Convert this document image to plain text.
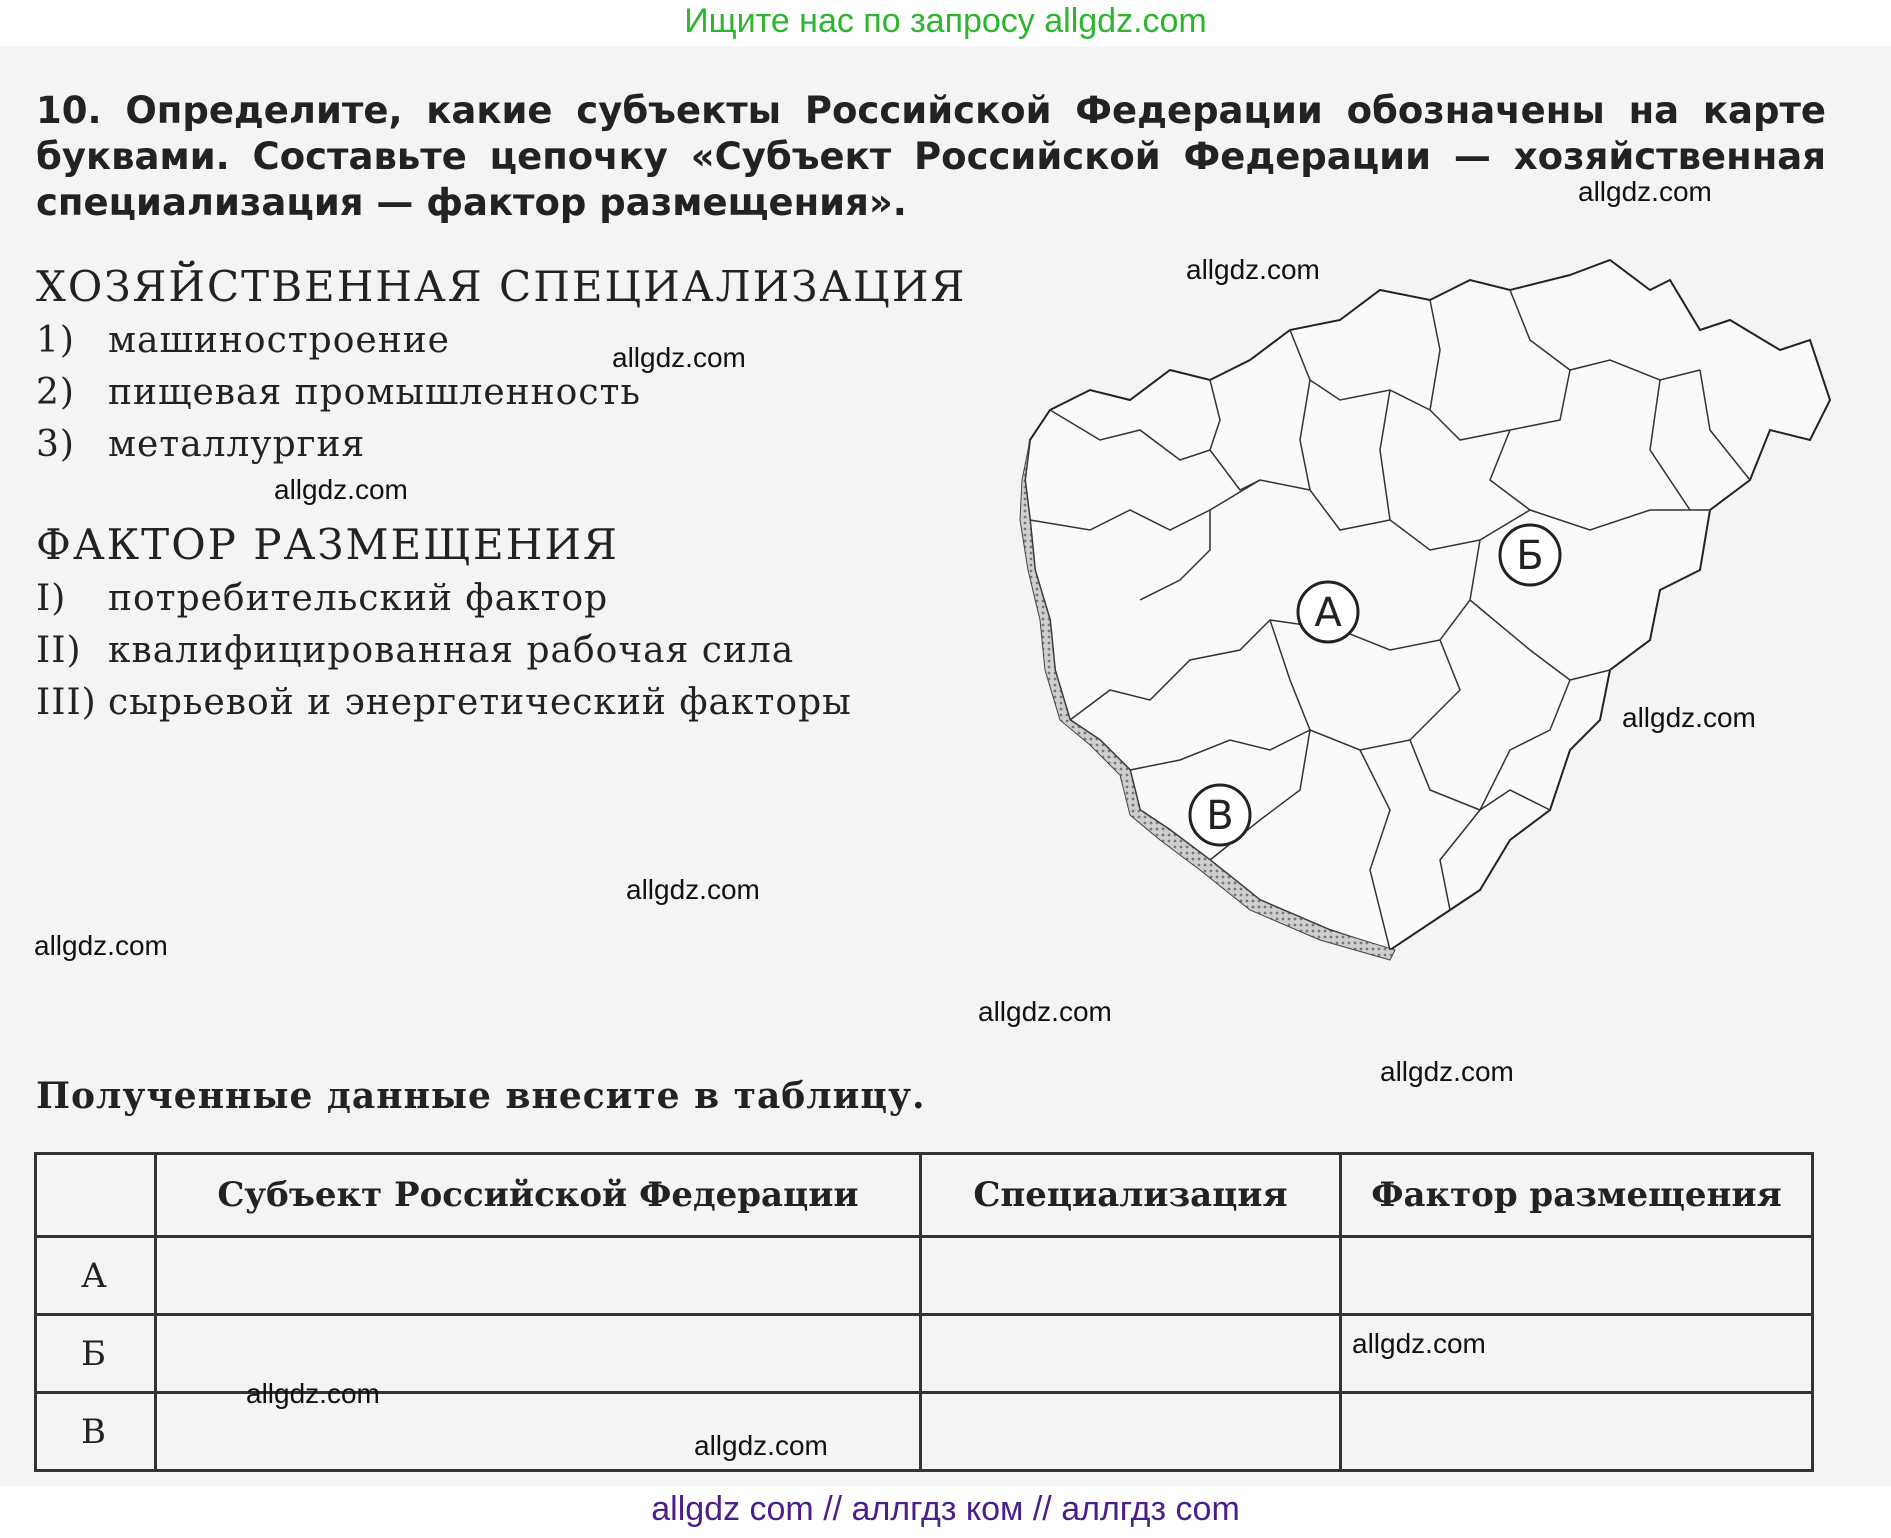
Ищите нас по запросу allgdz.com
10. Определите, какие субъекты Российской Федерации обозначены на карте буквами. Составьте цепочку «Субъект Российской Федерации — хозяйственная специализация — фактор размещения».
ХОЗЯЙСТВЕННАЯ СПЕЦИАЛИЗАЦИЯ
1) машиностроение
2) пищевая промышленность
3) металлургия
ФАКТОР РАЗМЕЩЕНИЯ
I) потребительский фактор
II) квалифицированная рабочая сила
III) сырьевой и энергетический факторы
А
Б
В
allgdz.com
allgdz.com
allgdz.com
allgdz.com
allgdz.com
allgdz.com
allgdz.com
allgdz.com
allgdz.com
Полученные данные внесите в таблицу.
	Субъект Российской Федерации	Специализация	Фактор размещения
А			
Б			
В			
allgdz.com
allgdz.com
allgdz.com
allgdz com // аллгдз ком // аллгдз com
